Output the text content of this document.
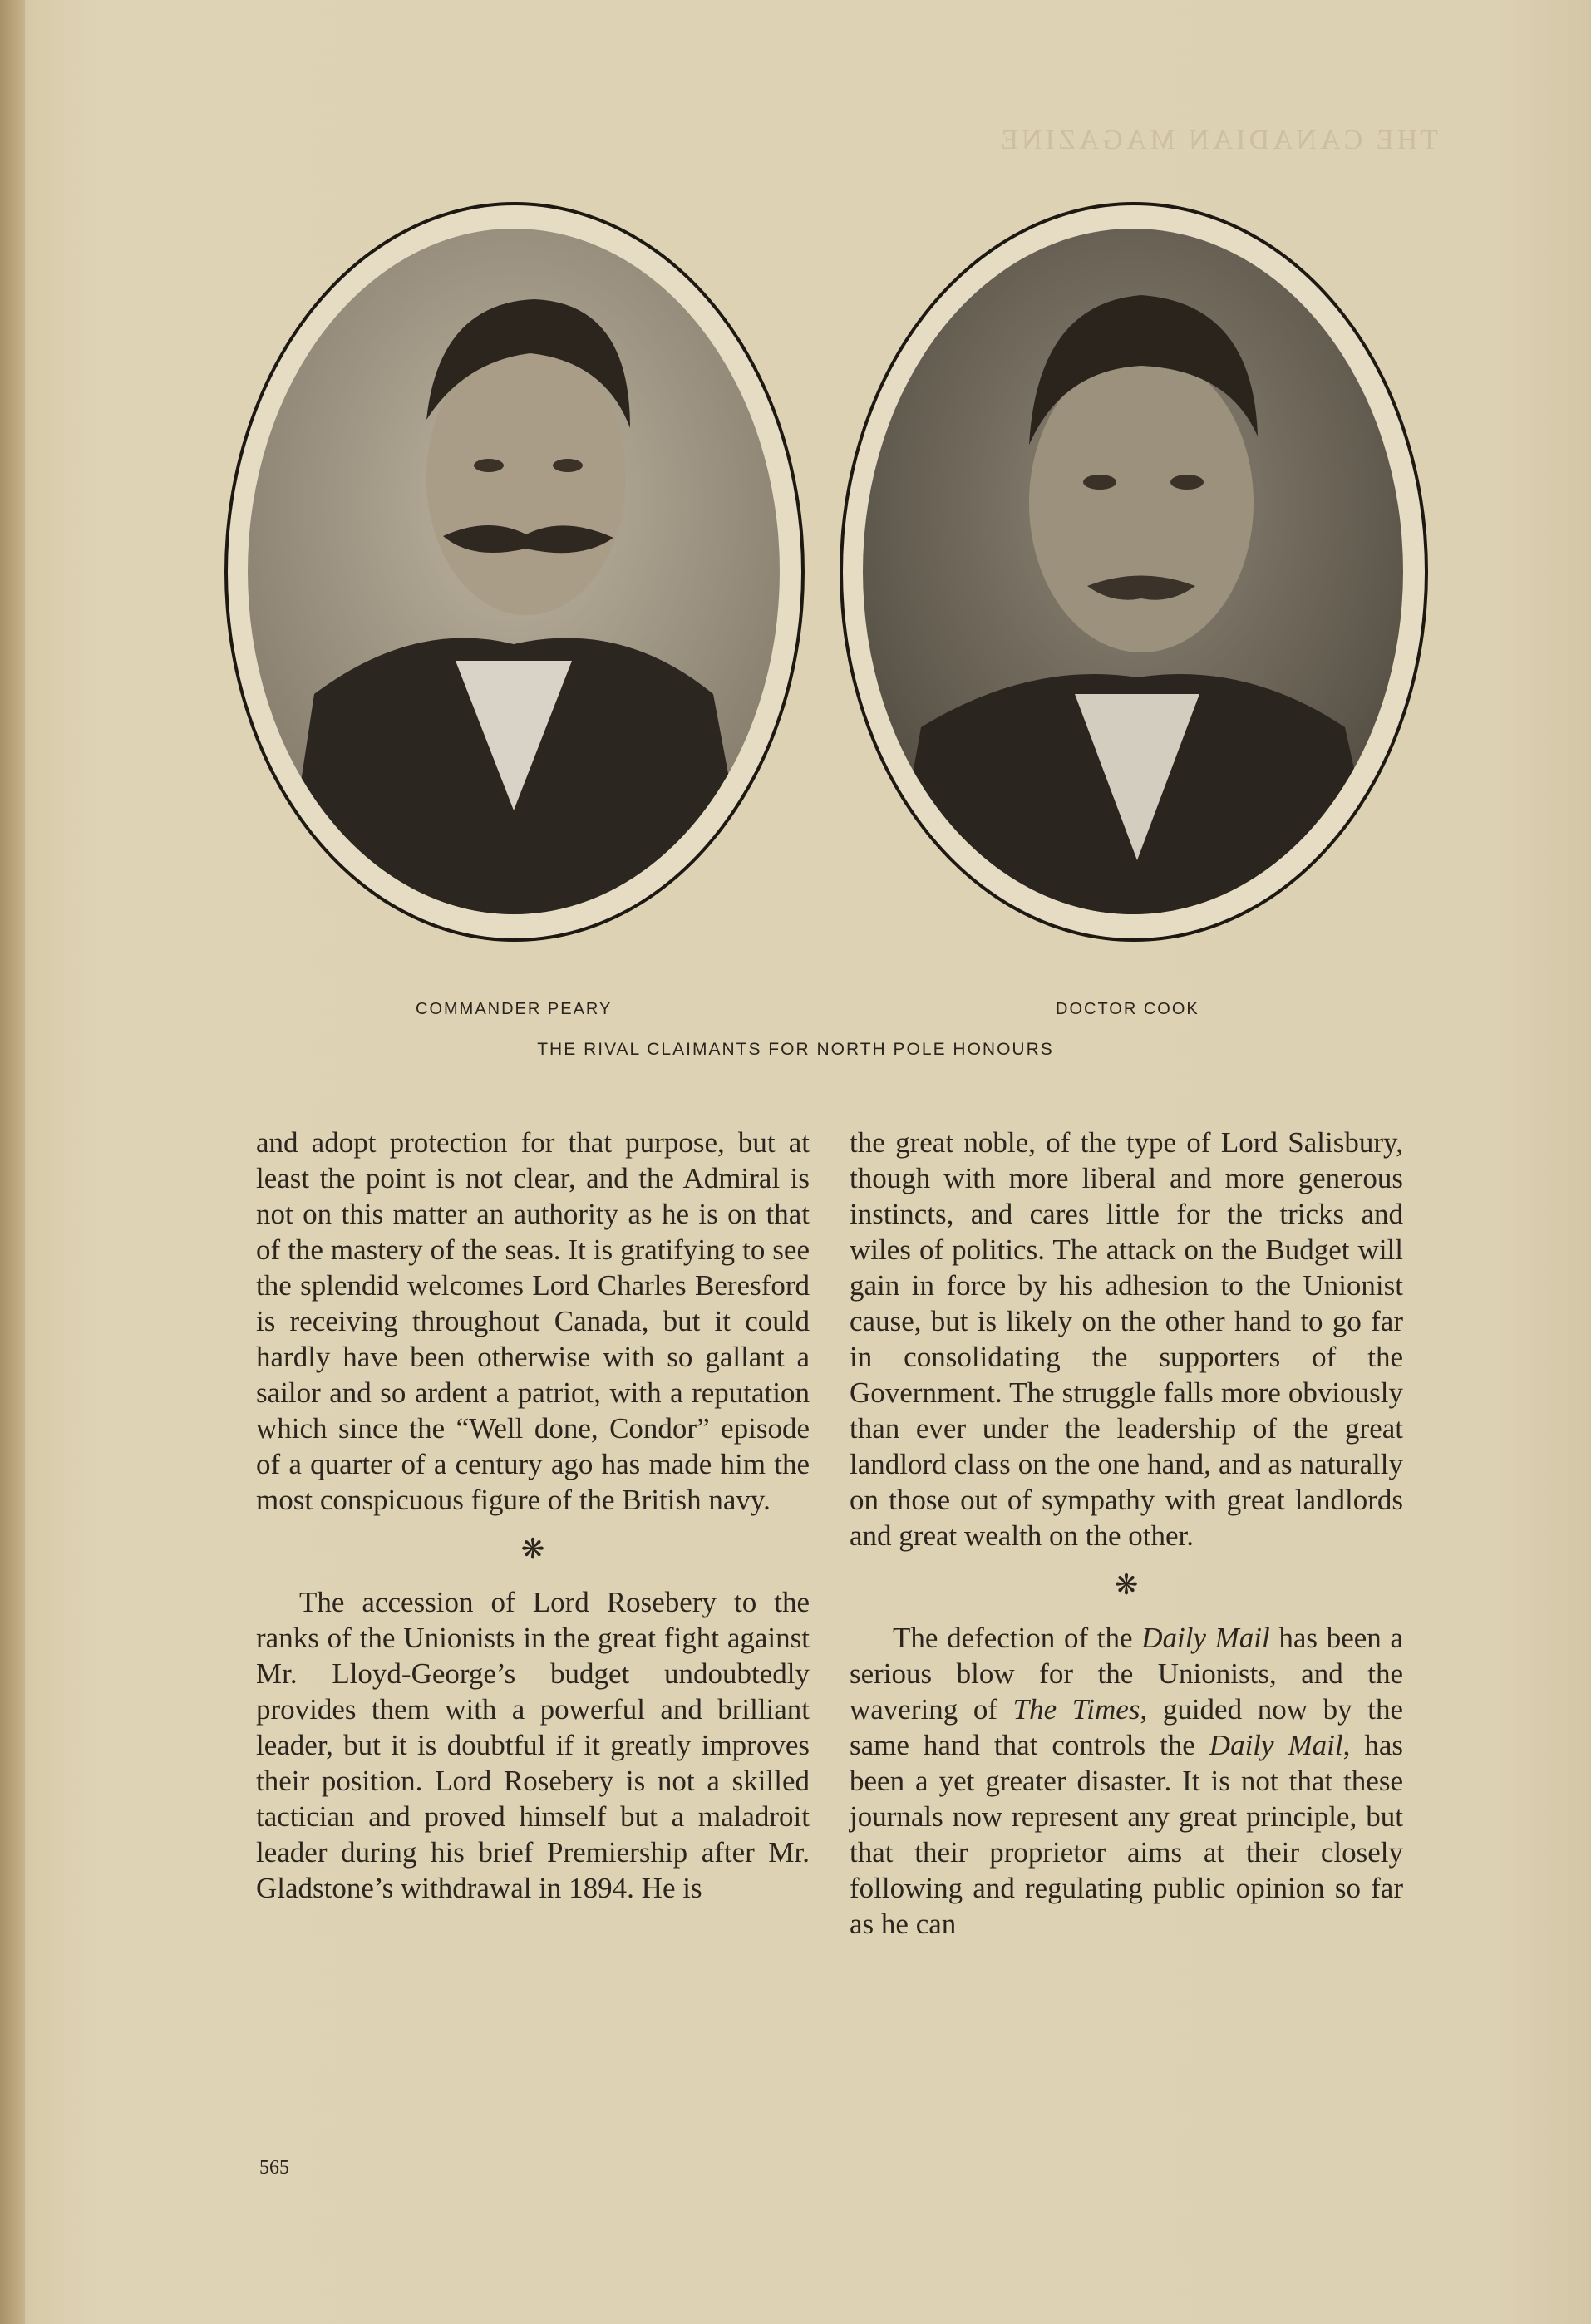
THE CANADIAN MAGAZINE
COMMANDER PEARY	DOCTOR COOK
THE RIVAL CLAIMANTS FOR NORTH POLE HONOURS

and adopt protection for that purpose, but at least the point is not clear, and the Admiral is not on this matter an authority as he is on that of the mastery of the seas. It is gratifying to see the splendid welcomes Lord Charles Beresford is receiving throughout Canada, but it could hardly have been otherwise with so gallant a sailor and so ardent a patriot, with a reputation which since the “Well done, Condor” episode of a quarter of a century ago has made him the most conspicuous figure of the British navy.

❋

The accession of Lord Rosebery to the ranks of the Unionists in the great fight against Mr. Lloyd-George’s budget undoubtedly provides them with a powerful and brilliant leader, but it is doubtful if it greatly improves their position. Lord Rosebery is not a skilled tactician and proved himself but a maladroit leader during his brief Premiership after Mr. Gladstone’s withdrawal in 1894. He is

the great noble, of the type of Lord Salisbury, though with more liberal and more generous instincts, and cares little for the tricks and wiles of politics. The attack on the Budget will gain in force by his adhesion to the Unionist cause, but is likely on the other hand to go far in consolidating the supporters of the Government. The struggle falls more obviously than ever under the leadership of the great landlord class on the one hand, and as naturally on those out of sympathy with great landlords and great wealth on the other.

❋

The defection of the Daily Mail has been a serious blow for the Unionists, and the wavering of The Times, guided now by the same hand that controls the Daily Mail, has been a yet greater disaster. It is not that these journals now represent any great principle, but that their proprietor aims at their closely following and regulating public opinion so far as he can

565
